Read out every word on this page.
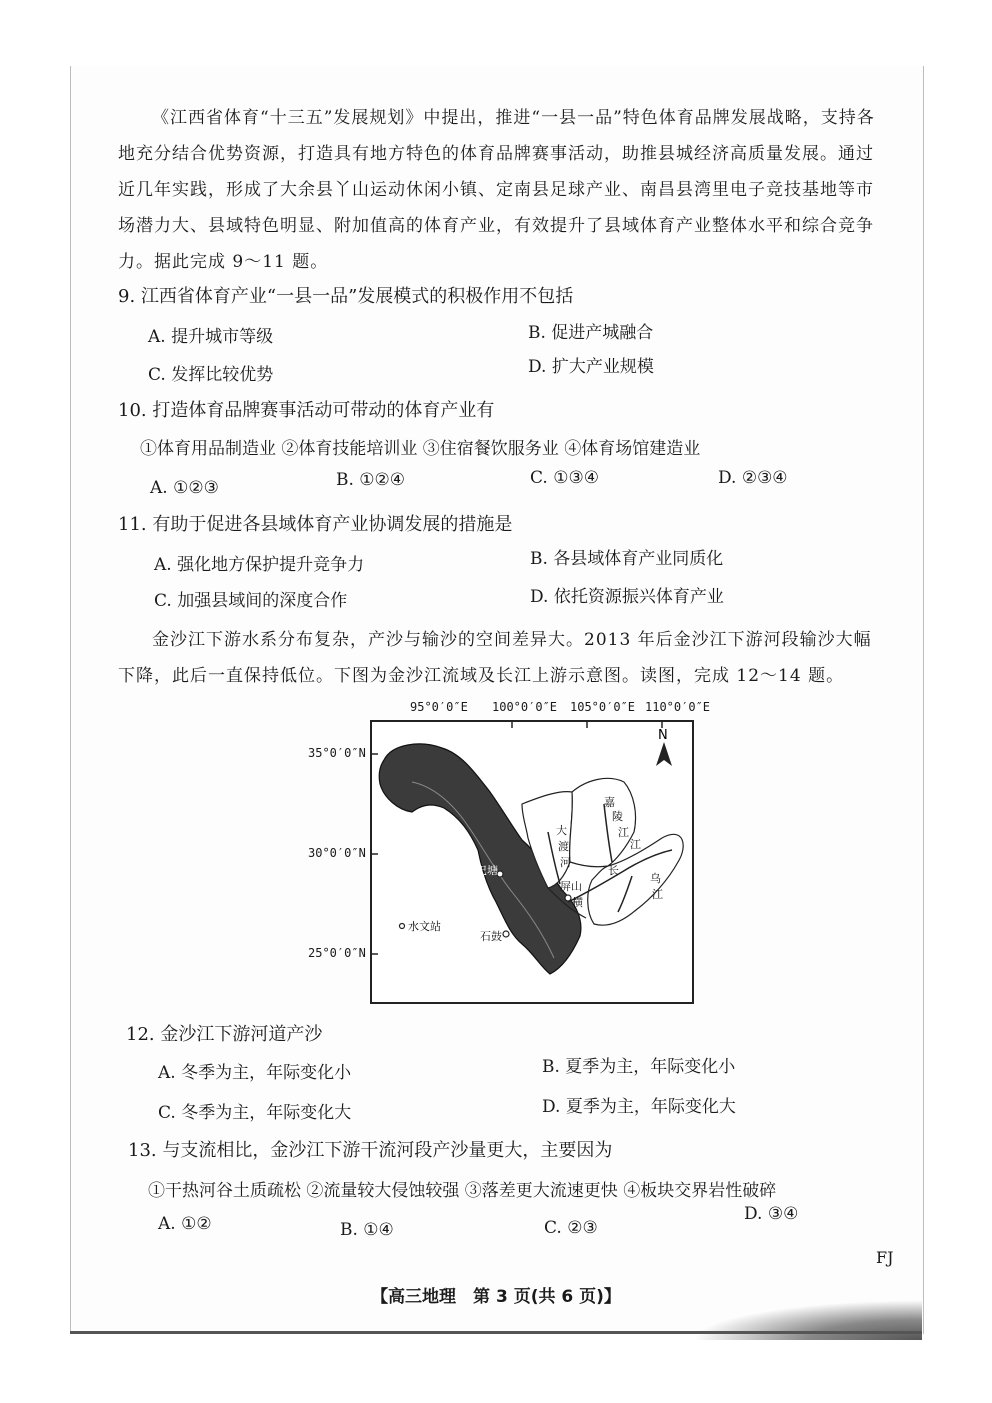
《江西省体育“十三五”发展规划》中提出，推进“一县一品”特色体育品牌发展战略，支持各地充分结合优势资源，打造具有地方特色的体育品牌赛事活动，助推县城经济高质量发展。通过近几年实践，形成了大余县丫山运动休闲小镇、定南县足球产业、南昌县湾里电子竞技基地等市场潜力大、县域特色明显、附加值高的体育产业，有效提升了县域体育产业整体水平和综合竞争力。据此完成 9～11 题。

9. 江西省体育产业“一县一品”发展模式的积极作用不包括
A. 提升城市等级	B. 促进产城融合
C. 发挥比较优势	D. 扩大产业规模
10. 打造体育品牌赛事活动可带动的体育产业有
①体育用品制造业 ②体育技能培训业 ③住宿餐饮服务业 ④体育场馆建造业
A. ①②③	B. ①②④	C. ①③④	D. ②③④
11. 有助于促进各县域体育产业协调发展的措施是
A. 强化地方保护提升竞争力	B. 各县域体育产业同质化
C. 加强县域间的深度合作	D. 依托资源振兴体育产业

金沙江下游水系分布复杂，产沙与输沙的空间差异大。2013 年后金沙江下游河段输沙大幅下降，此后一直保持低位。下图为金沙江流域及长江上游示意图。读图，完成 12～14 题。

95°0′0″E 100°0′0″E 105°0′0″E 110°0′0″E
35°0′0″N
30°0′0″N
25°0′0″N
N
水文站
嘉
陵
江
大
渡
河
长
江
乌
江
巴塘
屏山
横
石鼓
12. 金沙江下游河道产沙
A. 冬季为主，年际变化小	B. 夏季为主，年际变化小
C. 冬季为主，年际变化大	D. 夏季为主，年际变化大
13. 与支流相比，金沙江下游干流河段产沙量更大，主要因为
①干热河谷土质疏松 ②流量较大侵蚀较强 ③落差更大流速更快 ④板块交界岩性破碎
A. ①②	B. ①④	C. ②③
D. ③④
FJ
【高三地理　第 3 页(共 6 页)】
